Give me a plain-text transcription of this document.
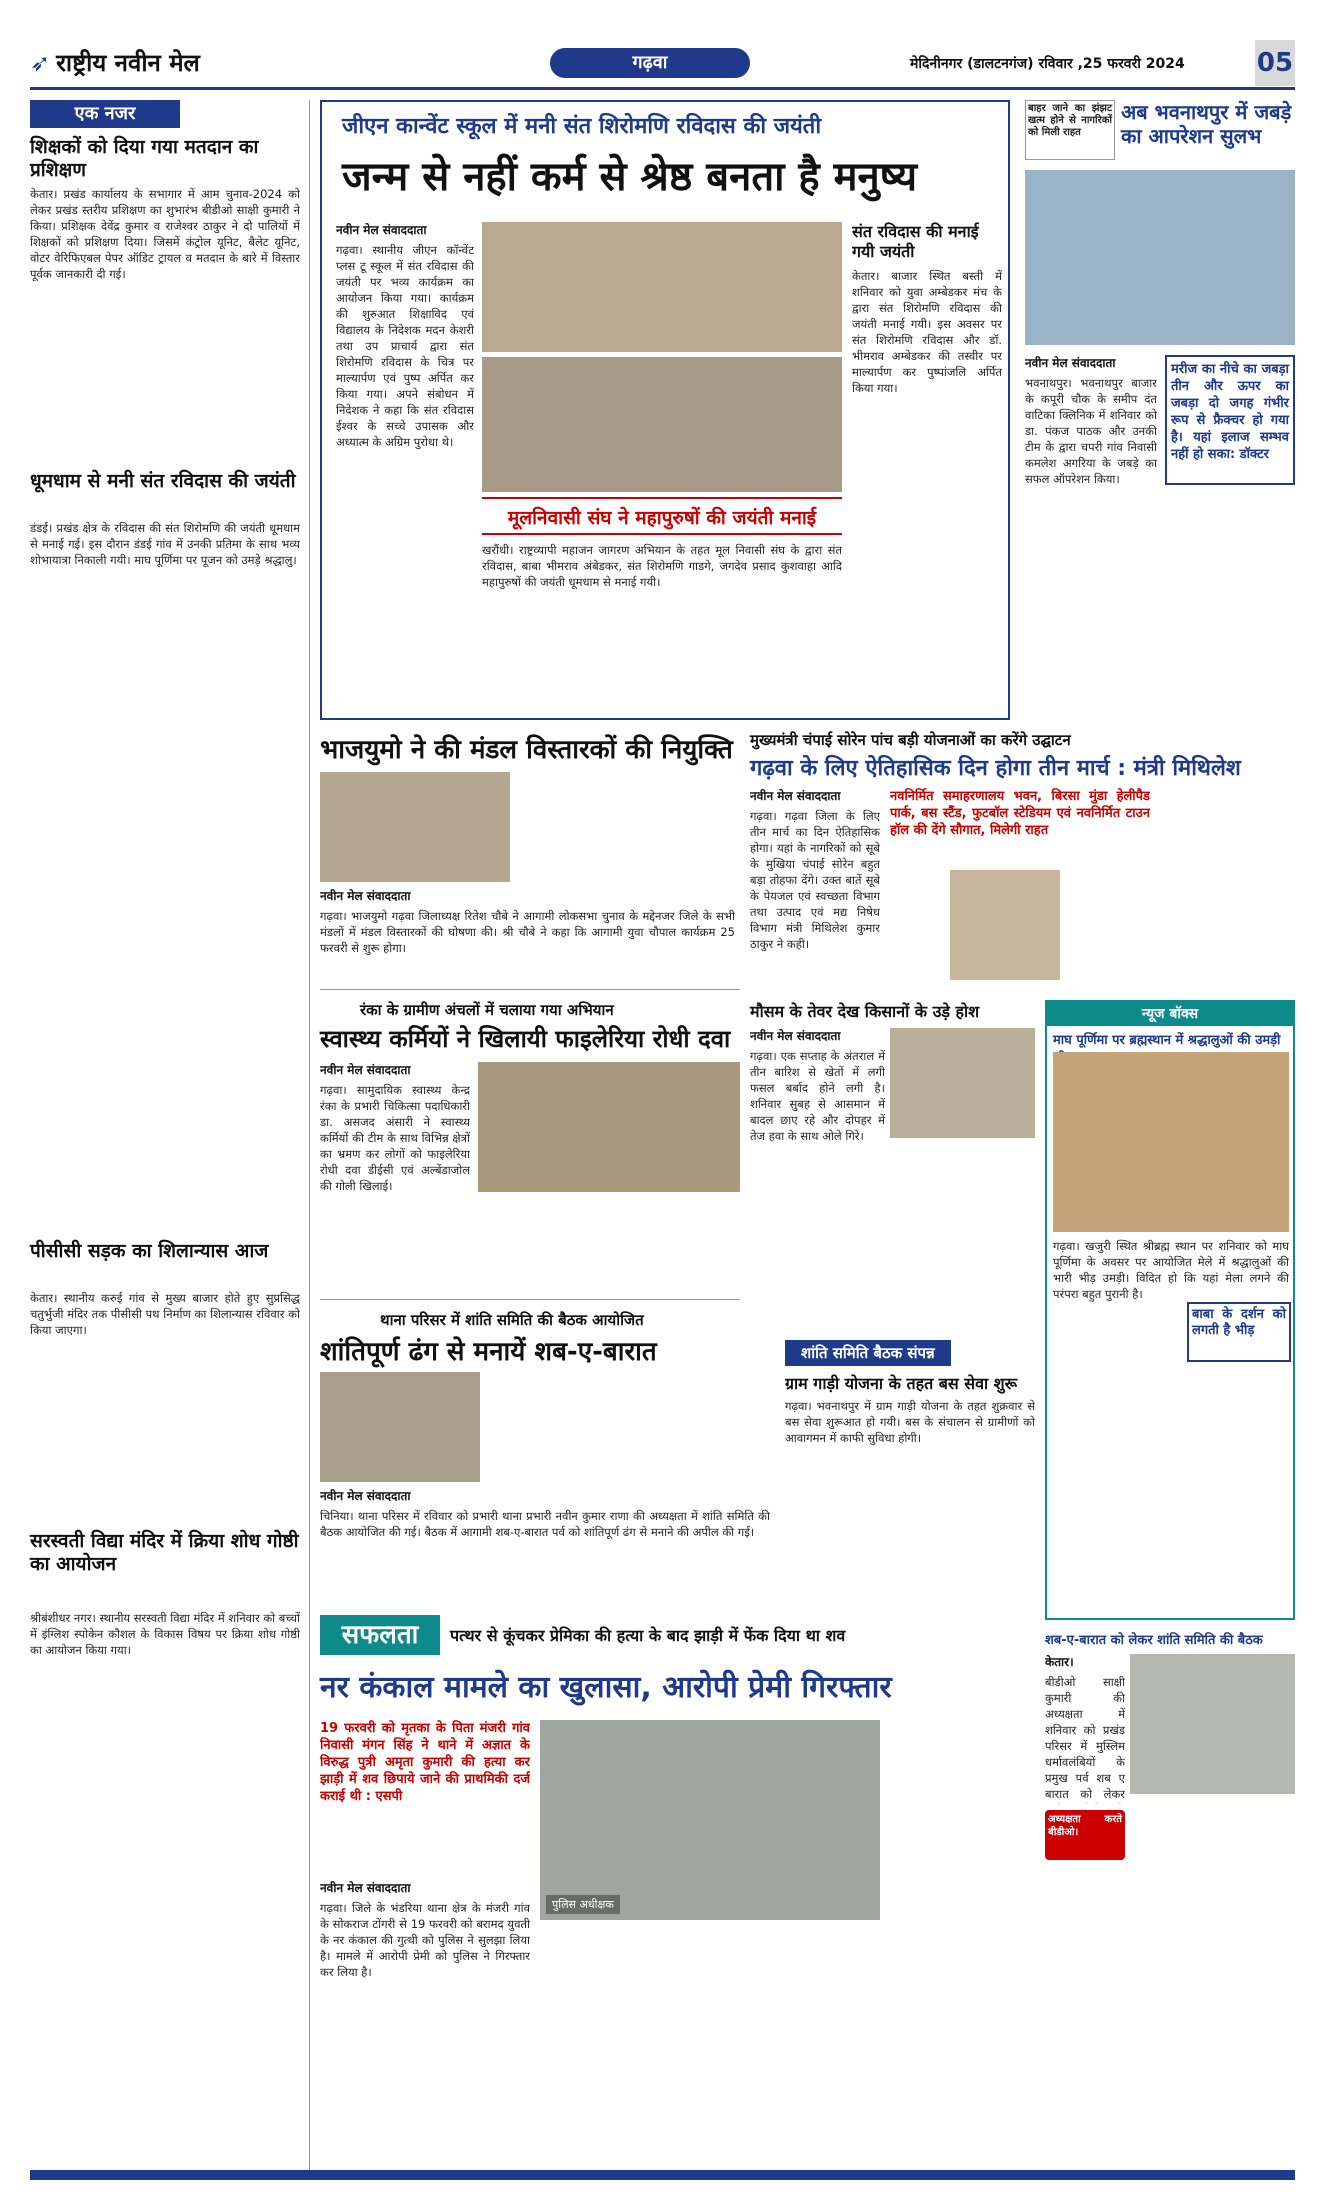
➶ राष्ट्रीय नवीन मेल	गढ़वा	मेदिनीनगर (डालटनगंज) रविवार ,25 फरवरी 2024	05
एक नजर
शिक्षकों को दिया गया मतदान का प्रशिक्षण

केतार। प्रखंड कार्यालय के सभागार में आम चुनाव-2024 को लेकर प्रखंड स्तरीय प्रशिक्षण का शुभारंभ बीडीओ साक्षी कुमारी ने किया। प्रशिक्षक देवेंद्र कुमार व राजेश्वर ठाकुर ने दो पालियों में शिक्षकों को प्रशिक्षण दिया। जिसमें कंट्रोल यूनिट, बैलेट यूनिट, वोटर वेरिफिएबल पेपर ऑडिट ट्रायल व मतदान के बारे में विस्तार पूर्वक जानकारी दी गई।

धूमधाम से मनी संत रविदास की जयंती

डंडई। प्रखंड क्षेत्र के रविदास की संत शिरोमणि की जयंती धूमधाम से मनाई गई। इस दौरान डंडई गांव में उनकी प्रतिमा के साथ भव्य शोभायात्रा निकाली गयी। माघ पूर्णिमा पर पूजन को उमड़े श्रद्धालु।

पीसीसी सड़क का शिलान्यास आज

केतार। स्थानीय करुई गांव से मुख्य बाजार होते हुए सुप्रसिद्ध चतुर्भुजी मंदिर तक पीसीसी पथ निर्माण का शिलान्यास रविवार को किया जाएगा।

सरस्वती विद्या मंदिर में क्रिया शोध गोष्ठी का आयोजन

श्रीबंशीधर नगर। स्थानीय सरस्वती विद्या मंदिर में शनिवार को बच्चों में इंग्लिश स्पोकेन कौशल के विकास विषय पर क्रिया शोध गोष्ठी का आयोजन किया गया।

जीएन कान्वेंट स्कूल में मनी संत शिरोमणि रविदास की जयंती
जन्म से नहीं कर्म से श्रेष्ठ बनता है मनुष्य
नवीन मेल संवाददाता

गढ़वा। स्थानीय जीएन कॉन्वेंट प्लस टू स्कूल में संत रविदास की जयंती पर भव्य कार्यक्रम का आयोजन किया गया। कार्यक्रम की शुरुआत शिक्षाविद एवं विद्यालय के निदेशक मदन केशरी तथा उप प्राचार्य द्वारा संत शिरोमणि रविदास के चित्र पर माल्यार्पण एवं पुष्प अर्पित कर किया गया। अपने संबोधन में निदेशक ने कहा कि संत रविदास ईश्वर के सच्चे उपासक और अध्यात्म के अग्रिम पुरोधा थे।

संत रविदास की मनाई गयी जयंती

केतार। बाजार स्थित बस्ती में शनिवार को युवा अम्बेडकर मंच के द्वारा संत शिरोमणि रविदास की जयंती मनाई गयी। इस अवसर पर संत शिरोमणि रविदास और डॉ. भीमराव अम्बेडकर की तस्वीर पर माल्यार्पण कर पुष्पांजलि अर्पित किया गया।

मूलनिवासी संघ ने महापुरुषों की जयंती मनाई

खरौंधी। राष्ट्रव्यापी महाजन जागरण अभियान के तहत मूल निवासी संघ के द्वारा संत रविदास, बाबा भीमराव अंबेडकर, संत शिरोमणि गाडगे, जगदेव प्रसाद कुशवाहा आदि महापुरुषों की जयंती धूमधाम से मनाई गयी।

बाहर जाने का झंझट खत्म होने से नागरिकों को मिली राहत

अब भवनाथपुर में जबड़े का आपरेशन सुलभ
नवीन मेल संवाददाता

भवनाथपुर। भवनाथपुर बाजार के कपूरी चौक के समीप दंत वाटिका क्लिनिक में शनिवार को डा. पंकज पाठक और उनकी टीम के द्वारा चपरी गांव निवासी कमलेश अगरिया के जबड़े का सफल ऑपरेशन किया।

मरीज का नीचे का जबड़ा तीन और ऊपर का जबड़ा दो जगह गंभीर रूप से फ्रैक्चर हो गया है। यहां इलाज सम्भव नहीं हो सका: डॉक्टर

भाजयुमो ने की मंडल विस्तारकों की नियुक्ति
नवीन मेल संवाददाता

गढ़वा। भाजयुमो गढ़वा जिलाध्यक्ष रितेश चौबे ने आगामी लोकसभा चुनाव के मद्देनजर जिले के सभी मंडलों में मंडल विस्तारकों की घोषणा की। श्री चौबे ने कहा कि आगामी युवा चौपाल कार्यक्रम 25 फरवरी से शुरू होगा।

मुख्यमंत्री चंपाई सोरेन पांच बड़ी योजनाओं का करेंगे उद्घाटन
गढ़वा के लिए ऐतिहासिक दिन होगा तीन मार्च : मंत्री मिथिलेश
नवीन मेल संवाददाता

गढ़वा। गढ़वा जिला के लिए तीन मार्च का दिन ऐतिहासिक होगा। यहां के नागरिकों को सूबे के मुखिया चंपाई सोरेन बहुत बड़ा तोहफा देंगे। उक्त बातें सूबे के पेयजल एवं स्वच्छता विभाग तथा उत्पाद एवं मद्य निषेध विभाग मंत्री मिथिलेश कुमार ठाकुर ने कही।

नवनिर्मित समाहरणालय भवन, बिरसा मुंडा हेलीपैड पार्क, बस स्टैंड, फुटबॉल स्टेडियम एवं नवनिर्मित टाउन हॉल की देंगे सौगात, मिलेगी राहत

रंका के ग्रामीण अंचलों में चलाया गया अभियान
स्वास्थ्य कर्मियों ने खिलायी फाइलेरिया रोधी दवा
नवीन मेल संवाददाता

गढ़वा। सामुदायिक स्वास्थ्य केन्द्र रंका के प्रभारी चिकित्सा पदाधिकारी डा. असजद अंसारी ने स्वास्थ्य कर्मियों की टीम के साथ विभिन्न क्षेत्रों का भ्रमण कर लोगों को फाइलेरिया रोधी दवा डीईसी एवं अल्बेंडाजोल की गोली खिलाई।

मौसम के तेवर देख किसानों के उड़े होश
नवीन मेल संवाददाता

गढ़वा। एक सप्ताह के अंतराल में तीन बारिश से खेतों में लगी फसल बर्बाद होने लगी है। शनिवार सुबह से आसमान में बादल छाए रहे और दोपहर में तेज हवा के साथ ओले गिरे।

न्यूज बॉक्स
माघ पूर्णिमा पर ब्रह्मस्थान में श्रद्धालुओं की उमड़ी

गढ़वा। खजुरी स्थित श्रीब्रह्म स्थान पर शनिवार को माघ पूर्णिमा के अवसर पर आयोजित मेले में श्रद्धालुओं की भारी भीड़ उमड़ी। विदित हो कि यहां मेला लगने की परंपरा बहुत पुरानी है।

बाबा के दर्शन को लगती है भीड़

थाना परिसर में शांति समिति की बैठक आयोजित
शांतिपूर्ण ढंग से मनायें शब-ए-बारात
नवीन मेल संवाददाता

चिनिया। थाना परिसर में रविवार को प्रभारी थाना प्रभारी नवीन कुमार राणा की अध्यक्षता में शांति समिति की बैठक आयोजित की गई। बैठक में आगामी शब-ए-बारात पर्व को शांतिपूर्ण ढंग से मनाने की अपील की गई।

शांति समिति बैठक संपन्न
ग्राम गाड़ी योजना के तहत बस सेवा शुरू

गढ़वा। भवनाथपुर में ग्राम गाड़ी योजना के तहत शुक्रवार से बस सेवा शुरूआत हो गयी। बस के संचालन से ग्रामीणों को आवागमन में काफी सुविधा होगी।

सफलता	पत्थर से कूंचकर प्रेमिका की हत्या के बाद झाड़ी में फेंक दिया था शव
नर कंकाल मामले का खुलासा, आरोपी प्रेमी गिरफ्तार

19 फरवरी को मृतका के पिता मंजरी गांव निवासी मंगन सिंह ने थाने में अज्ञात के विरुद्ध पुत्री अमृता कुमारी की हत्या कर झाड़ी में शव छिपाये जाने की प्राथमिकी दर्ज कराई थी : एसपी

पुलिस अधीक्षक
नवीन मेल संवाददाता

गढ़वा। जिले के भंडरिया थाना क्षेत्र के मंजरी गांव के सोकराज टोंगरी से 19 फरवरी को बरामद युवती के नर कंकाल की गुत्थी को पुलिस ने सुलझा लिया है। मामले में आरोपी प्रेमी को पुलिस ने गिरफ्तार कर लिया है।

शब-ए-बारात को लेकर शांति समिति की बैठक
केतार।

बीडीओ साक्षी कुमारी की अध्यक्षता में शनिवार को प्रखंड परिसर में मुस्लिम धर्मावलंबियों के प्रमुख पर्व शब ए बारात को लेकर

अध्यक्षता करते बीडीओ।
